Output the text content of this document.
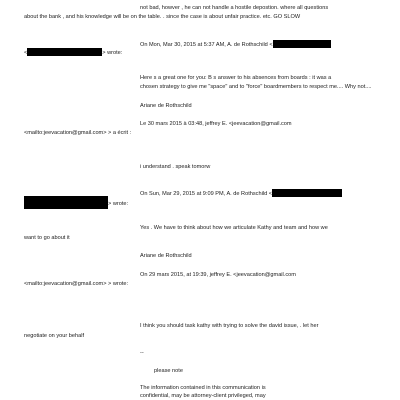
not bad, howver , he can not handle a hostile depostion. where all questions
about the bank , and his knowledge will be on the table. . since the case is about unfair practice. etc. GO SLOW
On Mon, Mar 30, 2015 at 5:37 AM, A. de Rothschild <
<	> wrote:
Here s a great one for you: B s answer to his absences from boards : it was a
chosen strategy to give me "space" and to "force" boardmembers to respect me.... Why not....
Ariane de Rothschild
Le 30 mars 2015 à 03:48, jeffrey E. <jeevacation@gmail.com
<mailto:jeevacation@gmail.com> > a écrit :
i understand . speak tomorw
On Sun, Mar 29, 2015 at 9:09 PM, A. de Rothschild <
> wrote:
Yes . We have to think about how we articulate Kathy and team and how we
want to go about it
Ariane de Rothschild
On 29 mars 2015, at 19:39, jeffrey E. <jeevacation@gmail.com
<mailto:jeevacation@gmail.com> > wrote:
I think you should task kathy with trying to solve the david issue, . let her
negotiate on your behalf
--
please note
The information contained in this communication is
confidential, may be attorney-client privileged, may
